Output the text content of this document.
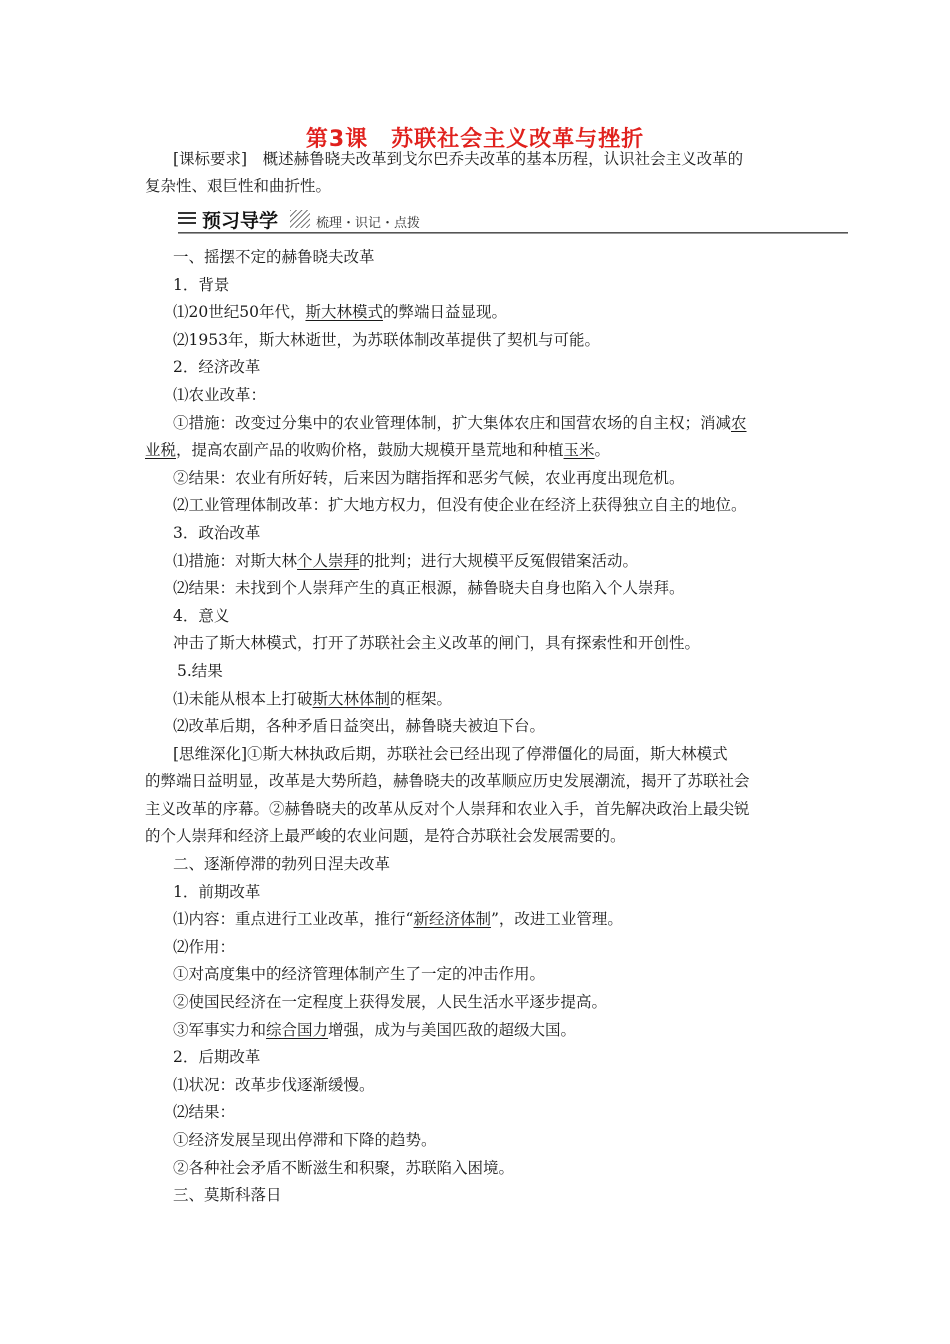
第3课　苏联社会主义改革与挫折
[课标要求]　概述赫鲁晓夫改革到戈尔巴乔夫改革的基本历程，认识社会主义改革的
复杂性、艰巨性和曲折性。
预习导学	梳理・识记・点拨
一、摇摆不定的赫鲁晓夫改革
1．背景
⑴20世纪50年代，斯大林模式的弊端日益显现。
⑵1953年，斯大林逝世，为苏联体制改革提供了契机与可能。
2．经济改革
⑴农业改革：
①措施：改变过分集中的农业管理体制，扩大集体农庄和国营农场的自主权；消减农
业税，提高农副产品的收购价格，鼓励大规模开垦荒地和种植玉米。
②结果：农业有所好转，后来因为瞎指挥和恶劣气候，农业再度出现危机。
⑵工业管理体制改革：扩大地方权力，但没有使企业在经济上获得独立自主的地位。
3．政治改革
⑴措施：对斯大林个人崇拜的批判；进行大规模平反冤假错案活动。
⑵结果：未找到个人崇拜产生的真正根源，赫鲁晓夫自身也陷入个人崇拜。
4．意义
冲击了斯大林模式，打开了苏联社会主义改革的闸门，具有探索性和开创性。
5.结果
⑴未能从根本上打破斯大林体制的框架。
⑵改革后期，各种矛盾日益突出，赫鲁晓夫被迫下台。
[思维深化]①斯大林执政后期，苏联社会已经出现了停滞僵化的局面，斯大林模式
的弊端日益明显，改革是大势所趋，赫鲁晓夫的改革顺应历史发展潮流，揭开了苏联社会
主义改革的序幕。②赫鲁晓夫的改革从反对个人崇拜和农业入手，首先解决政治上最尖锐
的个人崇拜和经济上最严峻的农业问题，是符合苏联社会发展需要的。
二、逐渐停滞的勃列日涅夫改革
1．前期改革
⑴内容：重点进行工业改革，推行“新经济体制”，改进工业管理。
⑵作用：
①对高度集中的经济管理体制产生了一定的冲击作用。
②使国民经济在一定程度上获得发展，人民生活水平逐步提高。
③军事实力和综合国力增强，成为与美国匹敌的超级大国。
2．后期改革
⑴状况：改革步伐逐渐缓慢。
⑵结果：
①经济发展呈现出停滞和下降的趋势。
②各种社会矛盾不断滋生和积聚，苏联陷入困境。
三、莫斯科落日
